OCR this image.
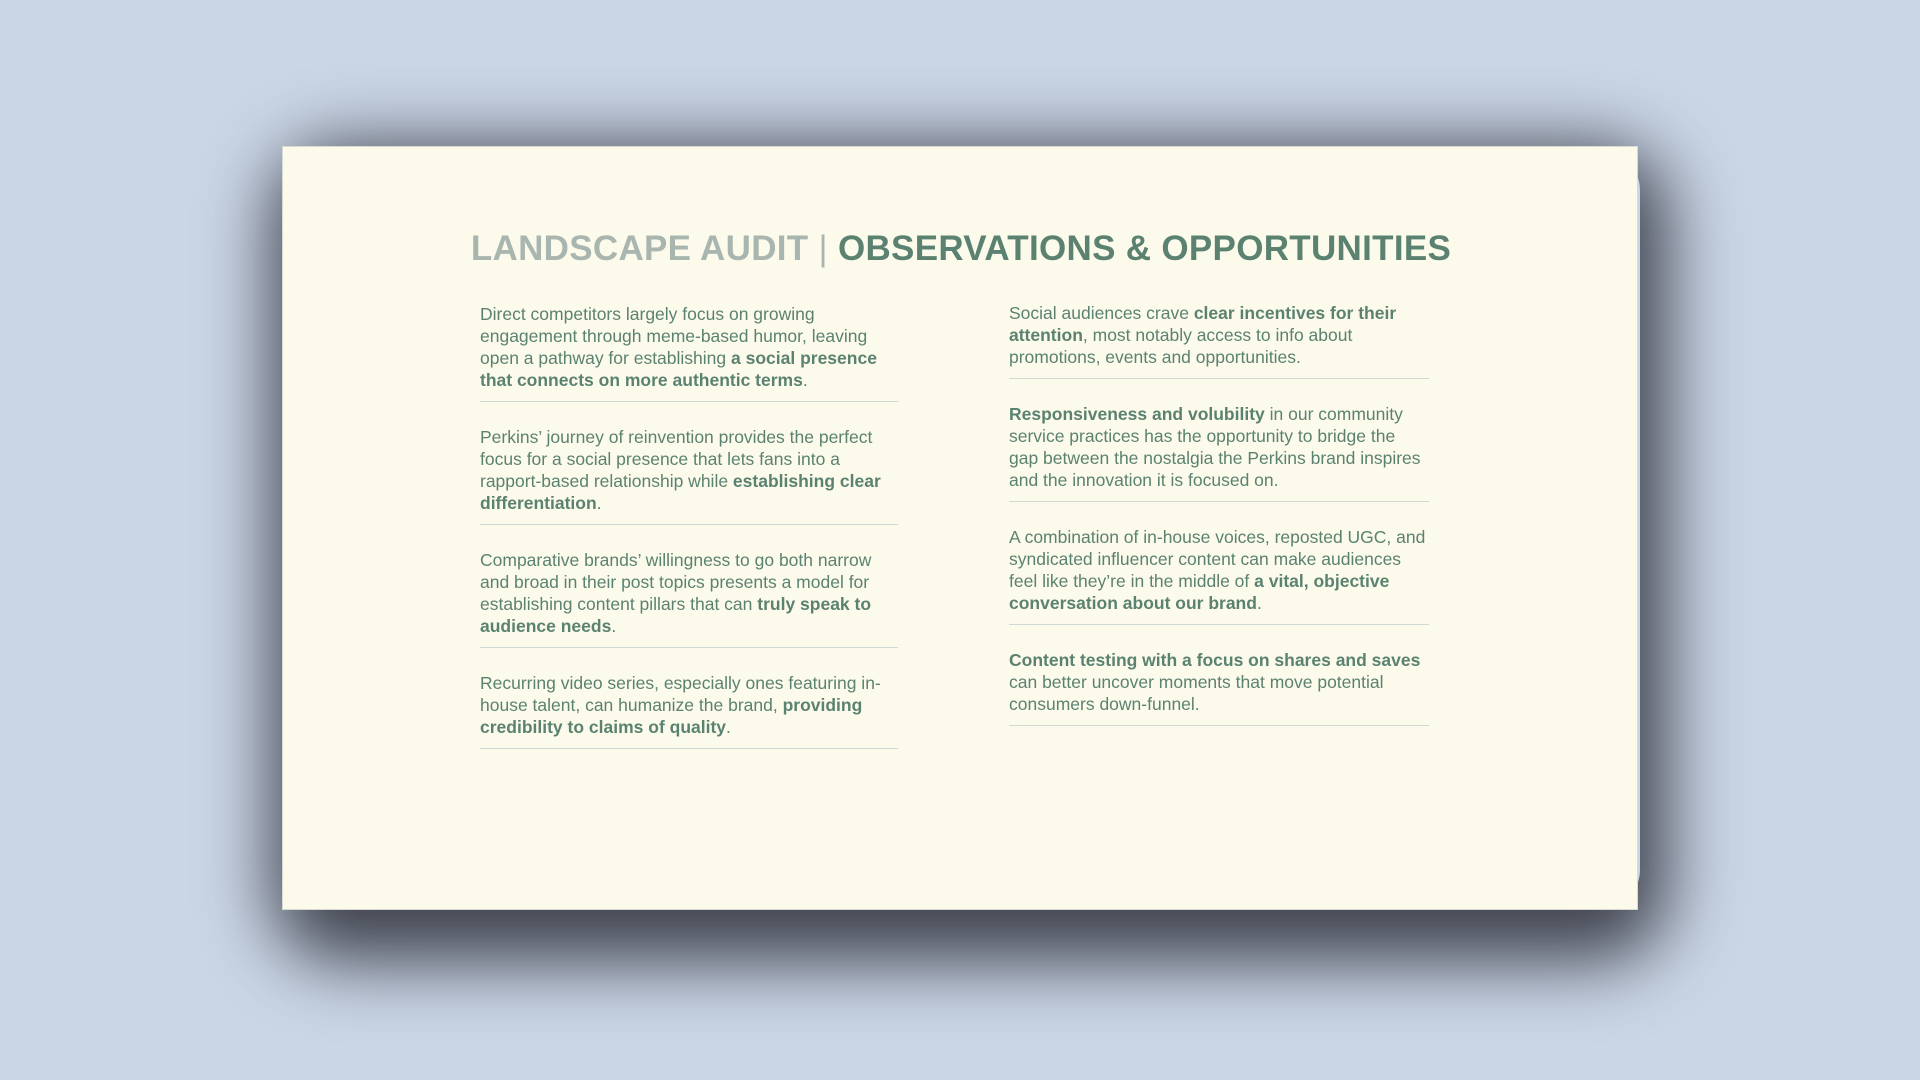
LANDSCAPE AUDIT | OBSERVATIONS & OPPORTUNITIES
Direct competitors largely focus on growing engagement through meme-based humor, leaving open a pathway for establishing a social presence that connects on more authentic terms.
Perkins’ journey of reinvention provides the perfect focus for a social presence that lets fans into a rapport-based relationship while establishing clear differentiation.
Comparative brands’ willingness to go both narrow and broad in their post topics presents a model for establishing content pillars that can truly speak to audience needs.
Recurring video series, especially ones featuring in-house talent, can humanize the brand, providing credibility to claims of quality.
Social audiences crave clear incentives for their attention, most notably access to info about promotions, events and opportunities.
Responsiveness and volubility in our community service practices has the opportunity to bridge the gap between the nostalgia the Perkins brand inspires and the innovation it is focused on.
A combination of in-house voices, reposted UGC, and syndicated influencer content can make audiences feel like they’re in the middle of a vital, objective conversation about our brand.
Content testing with a focus on shares and saves can better uncover moments that move potential consumers down-funnel.
